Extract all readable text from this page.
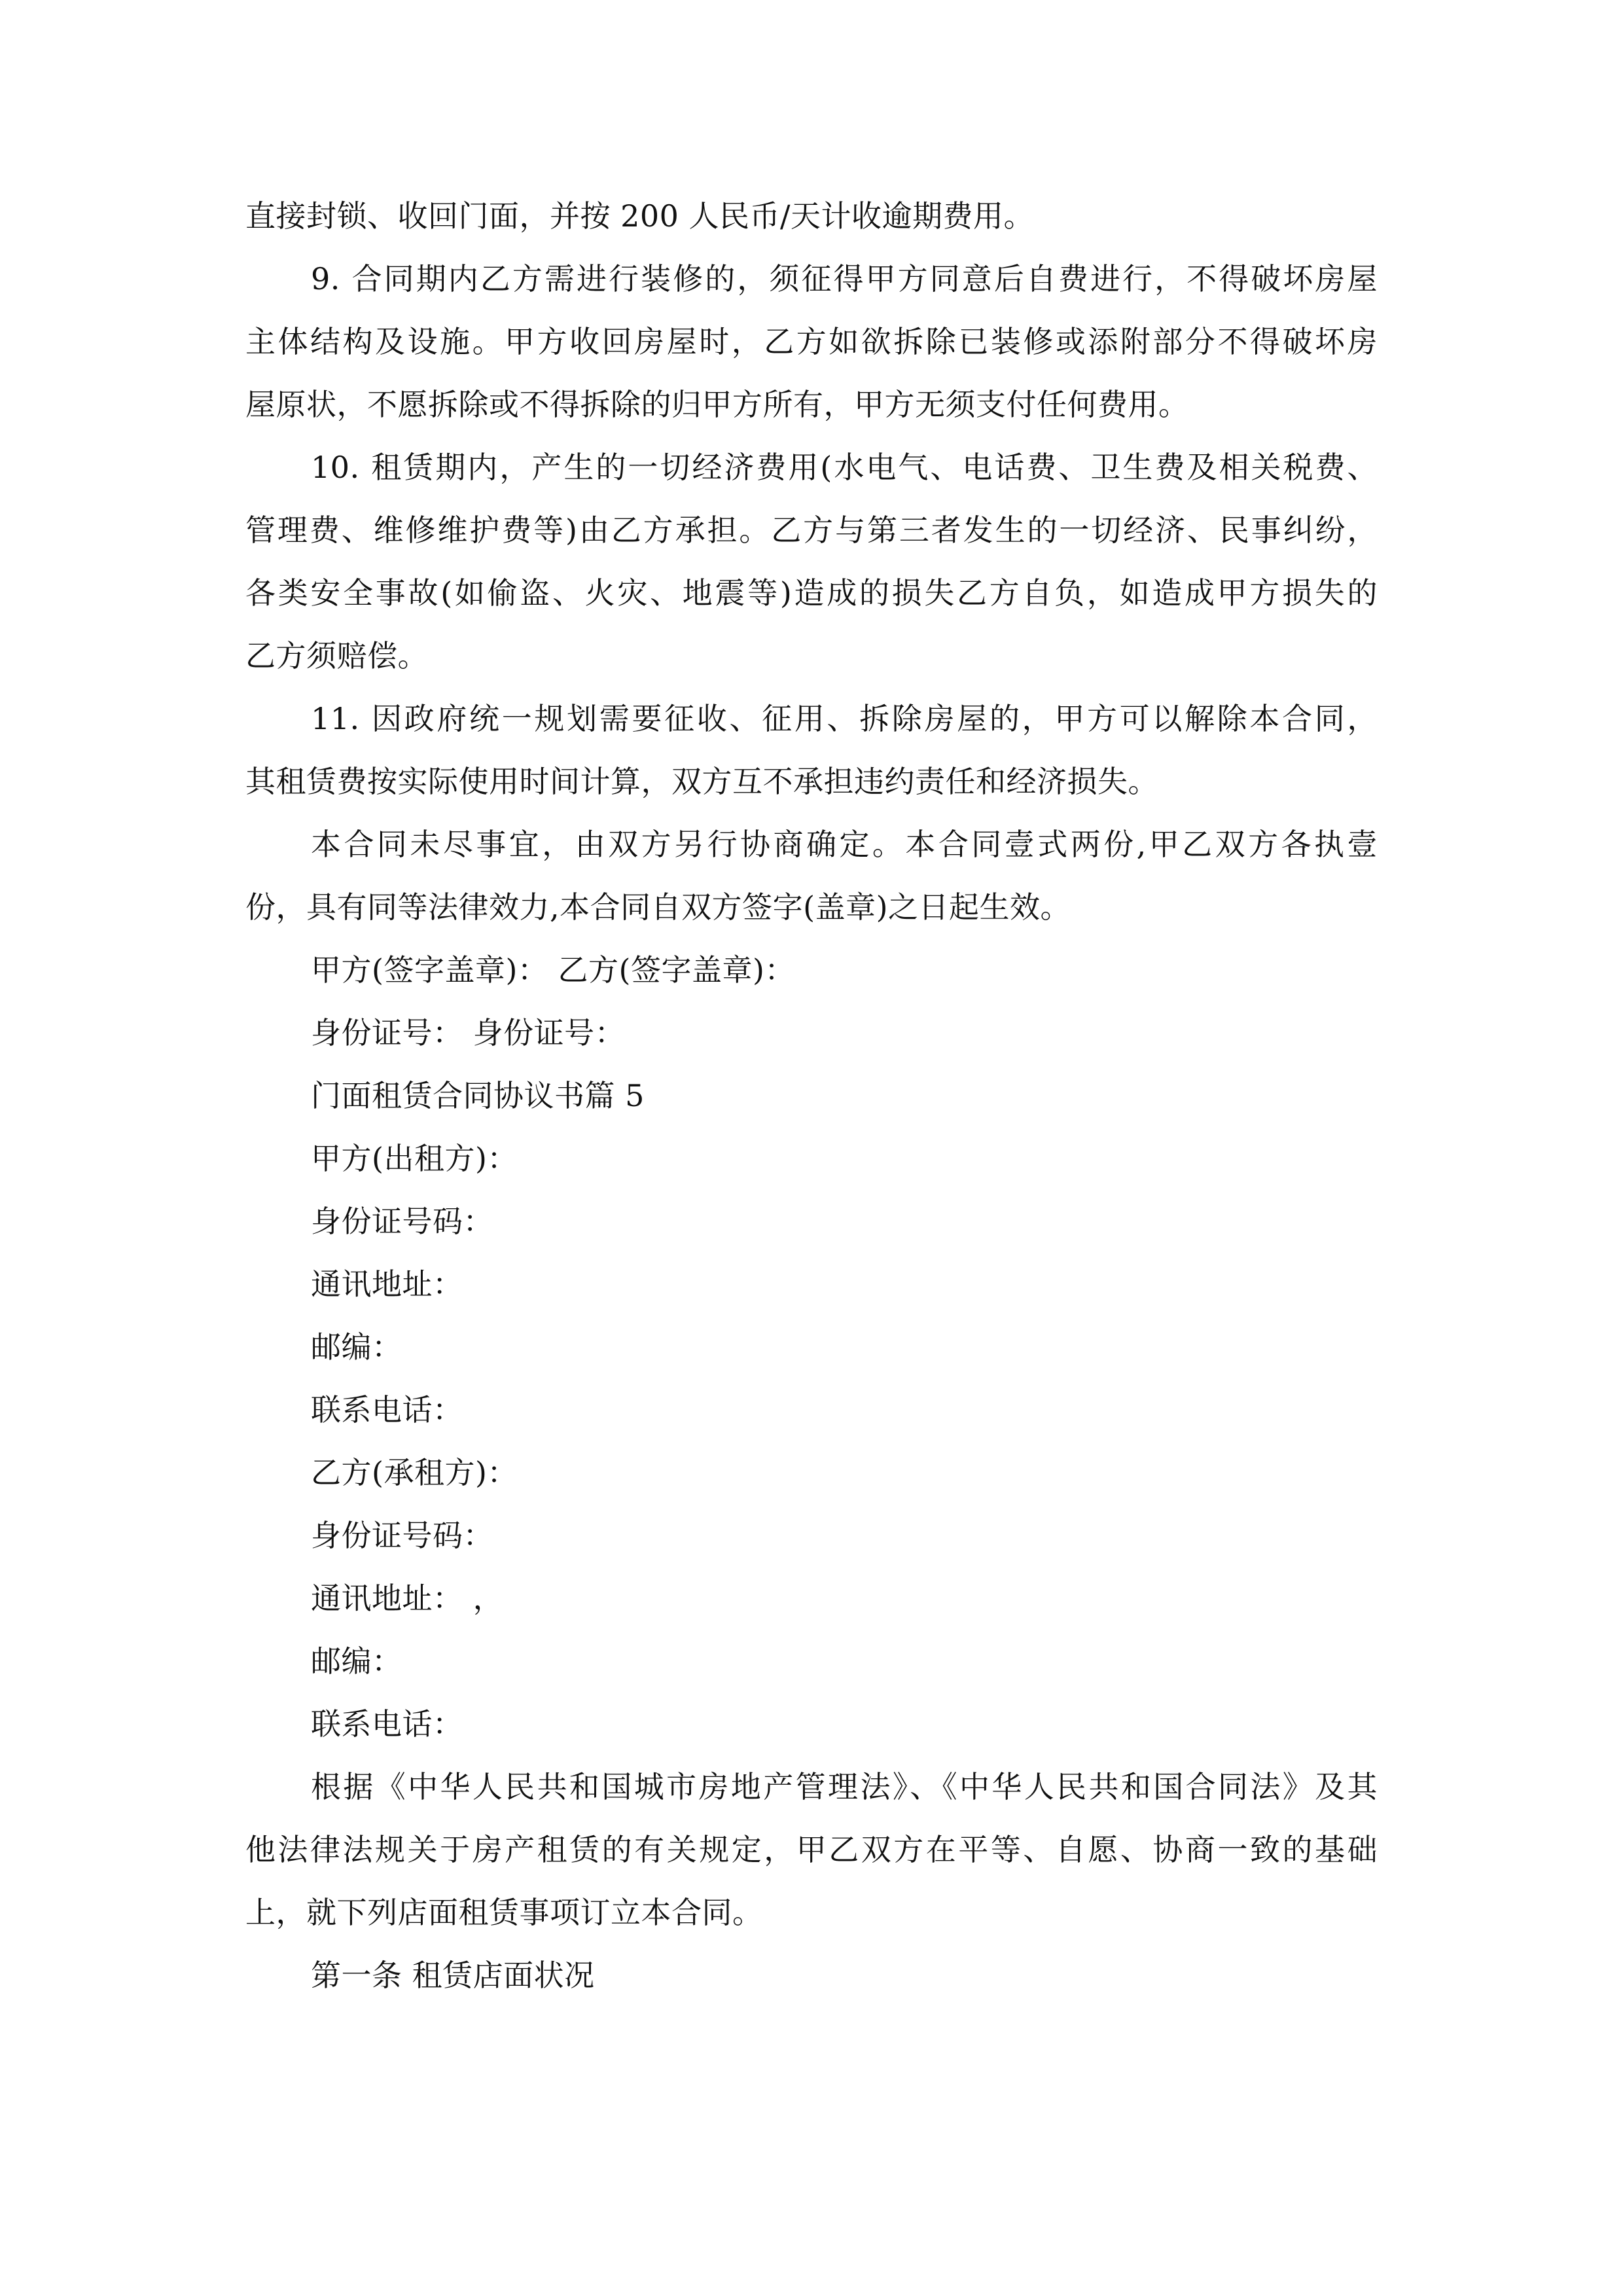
直接封锁、收回门面，并按 200 人民币/天计收逾期费用。
9. 合同期内乙方需进行装修的，须征得甲方同意后自费进行，不得破坏房屋
主体结构及设施。甲方收回房屋时，乙方如欲拆除已装修或添附部分不得破坏房
屋原状，不愿拆除或不得拆除的归甲方所有，甲方无须支付任何费用。
10. 租赁期内，产生的一切经济费用(水电气、电话费、卫生费及相关税费、
管理费、维修维护费等)由乙方承担。乙方与第三者发生的一切经济、民事纠纷，
各类安全事故(如偷盗、火灾、地震等)造成的损失乙方自负，如造成甲方损失的
乙方须赔偿。
11. 因政府统一规划需要征收、征用、拆除房屋的，甲方可以解除本合同，
其租赁费按实际使用时间计算，双方互不承担违约责任和经济损失。
本合同未尽事宜，由双方另行协商确定。本合同壹式两份,甲乙双方各执壹
份，具有同等法律效力,本合同自双方签字(盖章)之日起生效。
甲方(签字盖章)： 乙方(签字盖章)：
身份证号： 身份证号：
门面租赁合同协议书篇 5
甲方(出租方)：
身份证号码：
通讯地址：
邮编：
联系电话：
乙方(承租方)：
身份证号码：
通讯地址： ，
邮编：
联系电话：
根据《中华人民共和国城市房地产管理法》、《中华人民共和国合同法》及其
他法律法规关于房产租赁的有关规定，甲乙双方在平等、自愿、协商一致的基础
上，就下列店面租赁事项订立本合同。
第一条 租赁店面状况
